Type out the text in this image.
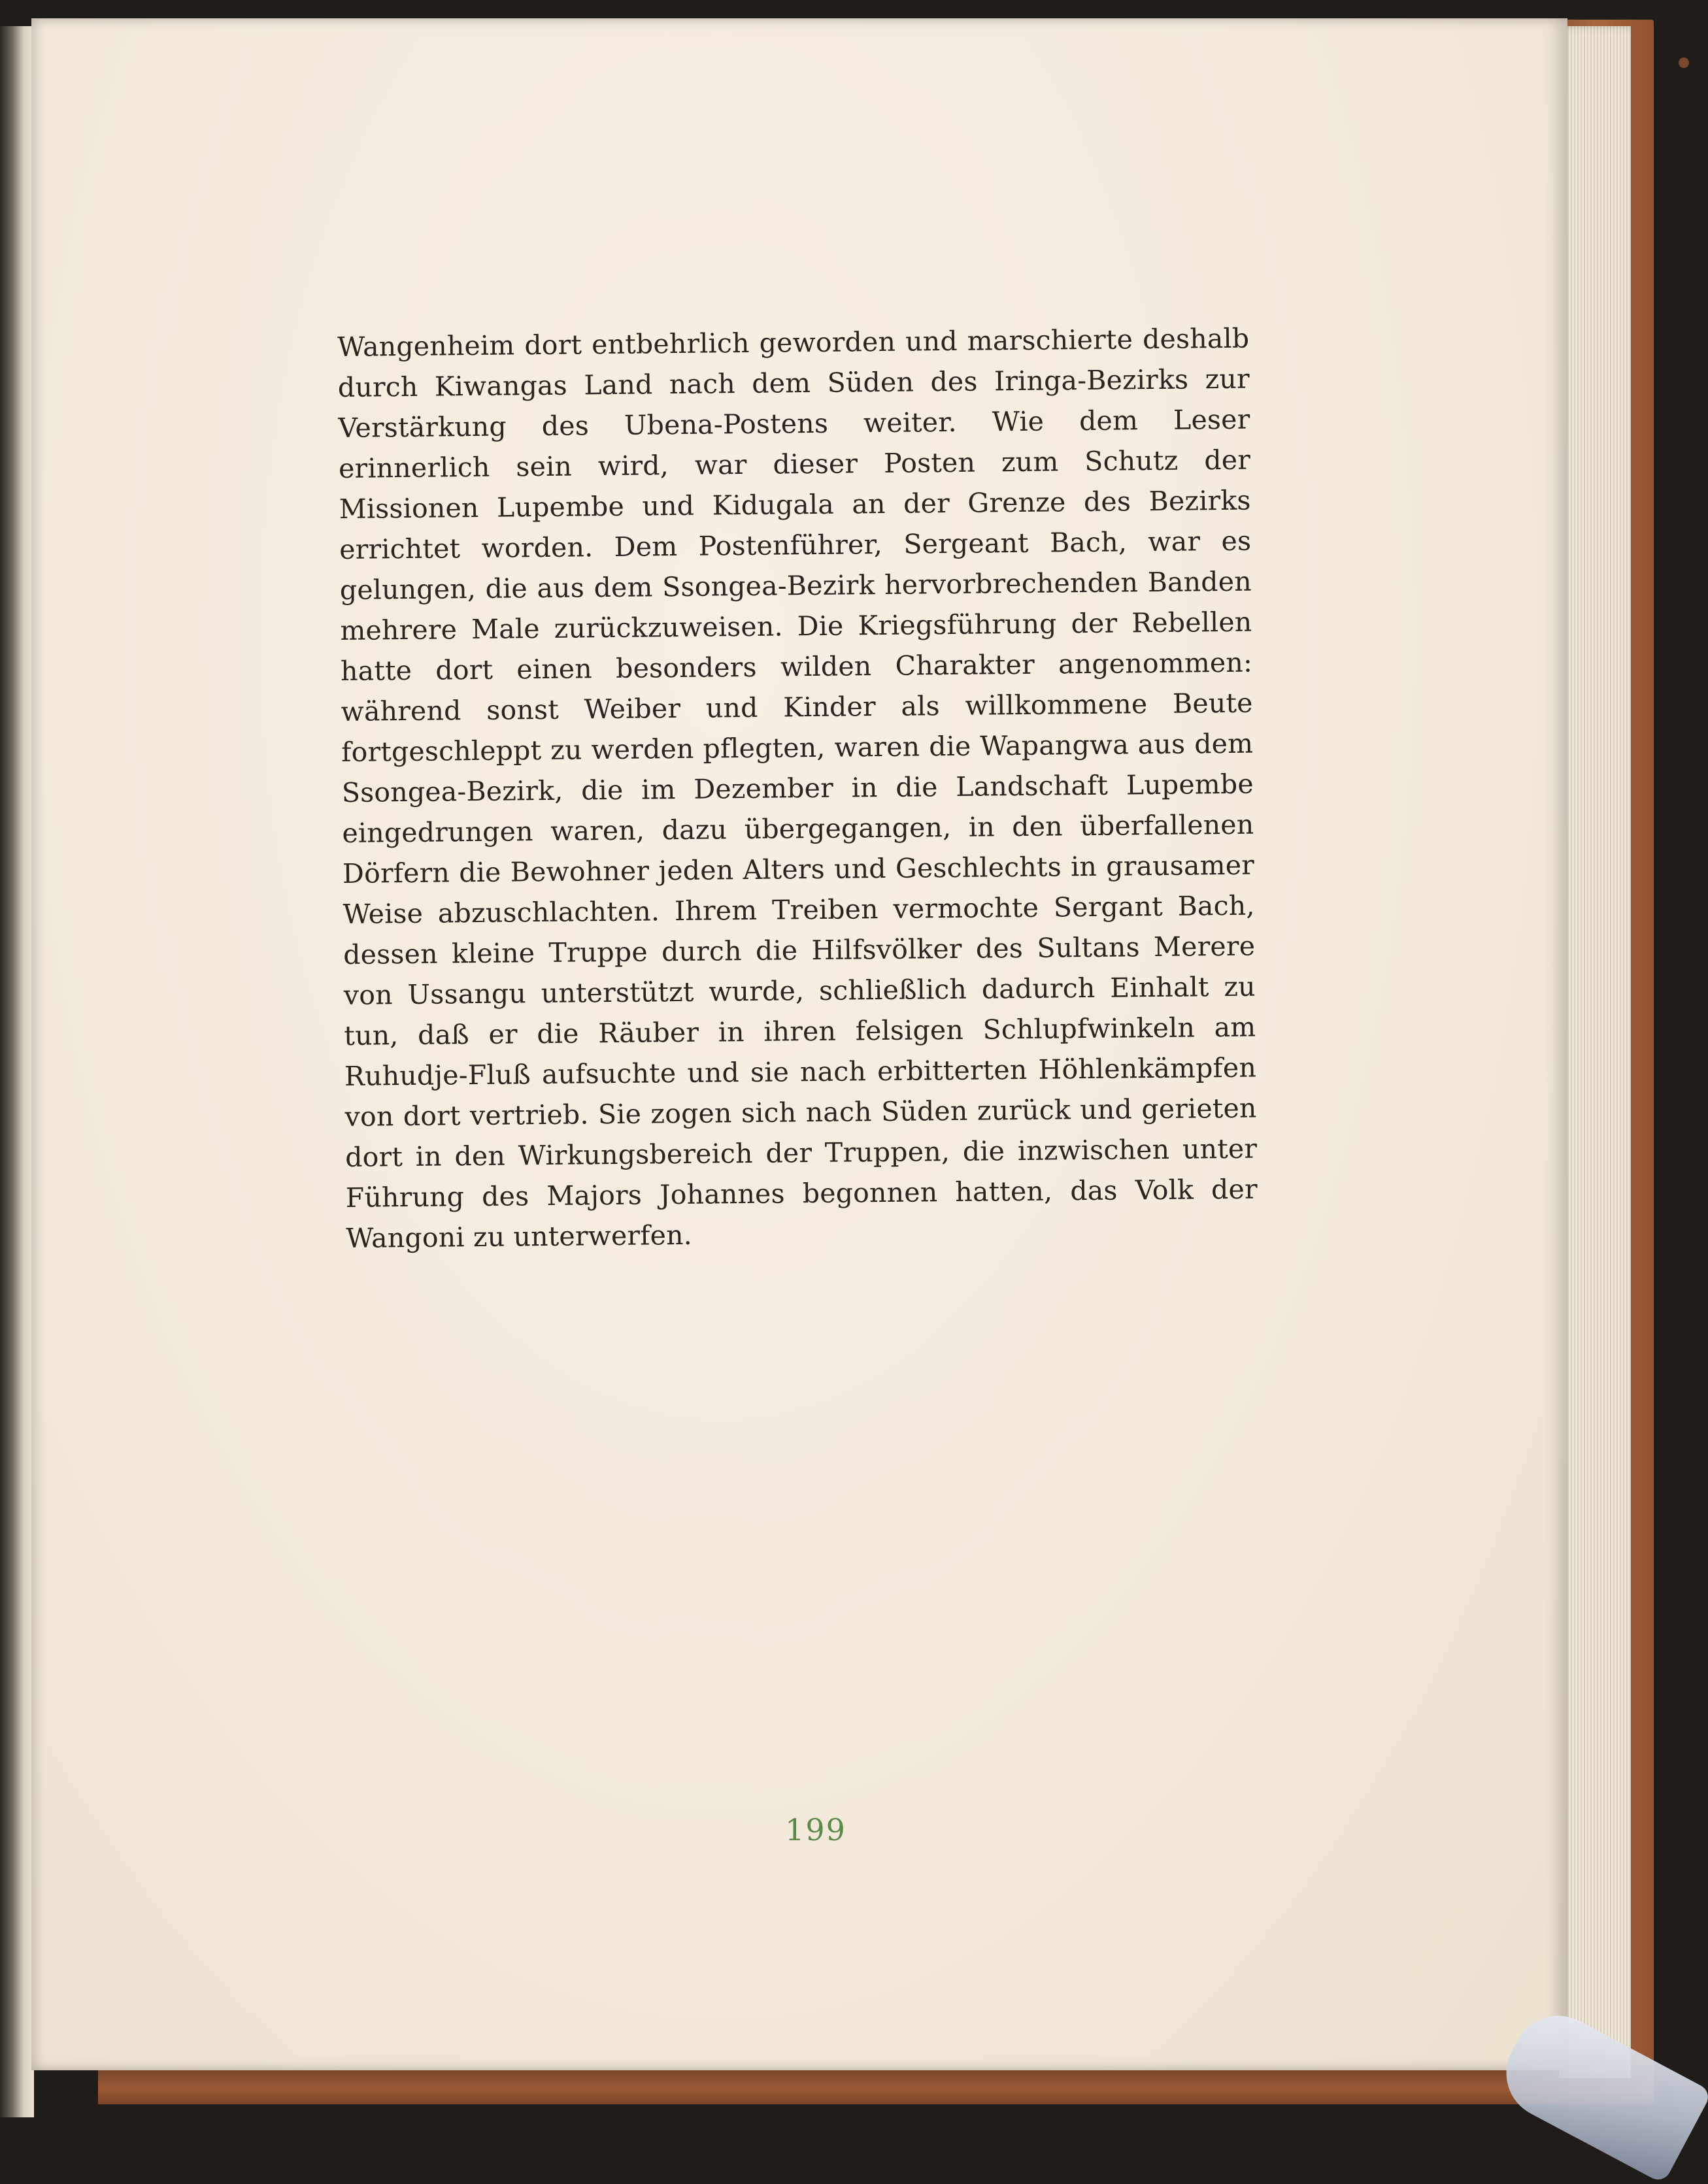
Wangenheim dort entbehrlich geworden und marschierte deshalb durch Kiwangas Land nach dem Süden des Iringa-Bezirks zur Verstärkung des Ubena-Postens weiter. Wie dem Leser erinnerlich sein wird, war dieser Posten zum Schutz der Missionen Lupembe und Kidugala an der Grenze des Bezirks errichtet worden. Dem Postenführer, Sergeant Bach, war es gelungen, die aus dem Ssongea-Bezirk hervorbrechenden Banden mehrere Male zurückzuweisen. Die Kriegsführung der Rebellen hatte dort einen besonders wilden Charakter angenommen: während sonst Weiber und Kinder als willkommene Beute fortgeschleppt zu werden pflegten, waren die Wapangwa aus dem Ssongea-Bezirk, die im Dezember in die Landschaft Lupembe eingedrungen waren, dazu übergegangen, in den überfallenen Dörfern die Bewohner jeden Alters und Geschlechts in grausamer Weise abzuschlachten. Ihrem Treiben vermochte Sergant Bach, dessen kleine Truppe durch die Hilfsvölker des Sultans Merere von Ussangu unterstützt wurde, schließlich dadurch Einhalt zu tun, daß er die Räuber in ihren felsigen Schlupfwinkeln am Ruhudje-Fluß aufsuchte und sie nach erbitterten Höhlenkämpfen von dort vertrieb. Sie zogen sich nach Süden zurück und gerieten dort in den Wirkungsbereich der Truppen, die inzwischen unter Führung des Majors Johannes begonnen hatten, das Volk der Wangoni zu unterwerfen.

199
